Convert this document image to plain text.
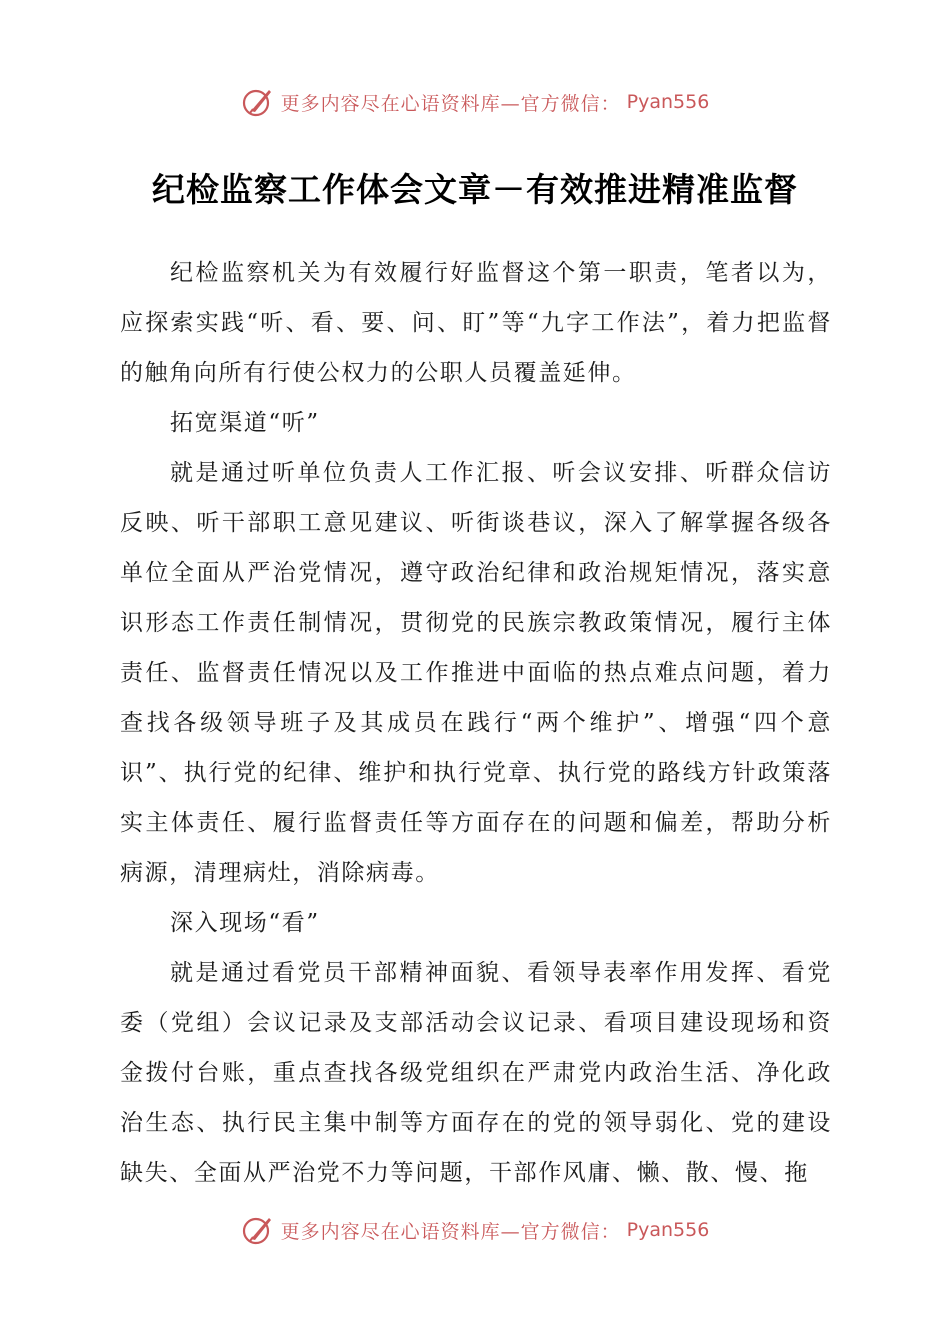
更多内容尽在心语资料库—官方微信： Pyan556
纪检监察工作体会文章－有效推进精准监督

纪检监察机关为有效履行好监督这个第一职责，笔者以为，应探索实践“听、看、要、问、盯”等“九字工作法”，着力把监督的触角向所有行使公权力的公职人员覆盖延伸。

拓宽渠道“听”

就是通过听单位负责人工作汇报、听会议安排、听群众信访反映、听干部职工意见建议、听街谈巷议，深入了解掌握各级各单位全面从严治党情况，遵守政治纪律和政治规矩情况，落实意识形态工作责任制情况，贯彻党的民族宗教政策情况，履行主体责任、监督责任情况以及工作推进中面临的热点难点问题，着力查找各级领导班子及其成员在践行“两个维护”、增强“四个意识”、执行党的纪律、维护和执行党章、执行党的路线方针政策落实主体责任、履行监督责任等方面存在的问题和偏差，帮助分析病源，清理病灶，消除病毒。

深入现场“看”

就是通过看党员干部精神面貌、看领导表率作用发挥、看党委（党组）会议记录及支部活动会议记录、看项目建设现场和资金拨付台账，重点查找各级党组织在严肃党内政治生活、净化政治生态、执行民主集中制等方面存在的党的领导弱化、党的建设缺失、全面从严治党不力等问题，干部作风庸、懒、散、慢、拖

更多内容尽在心语资料库—官方微信： Pyan556
